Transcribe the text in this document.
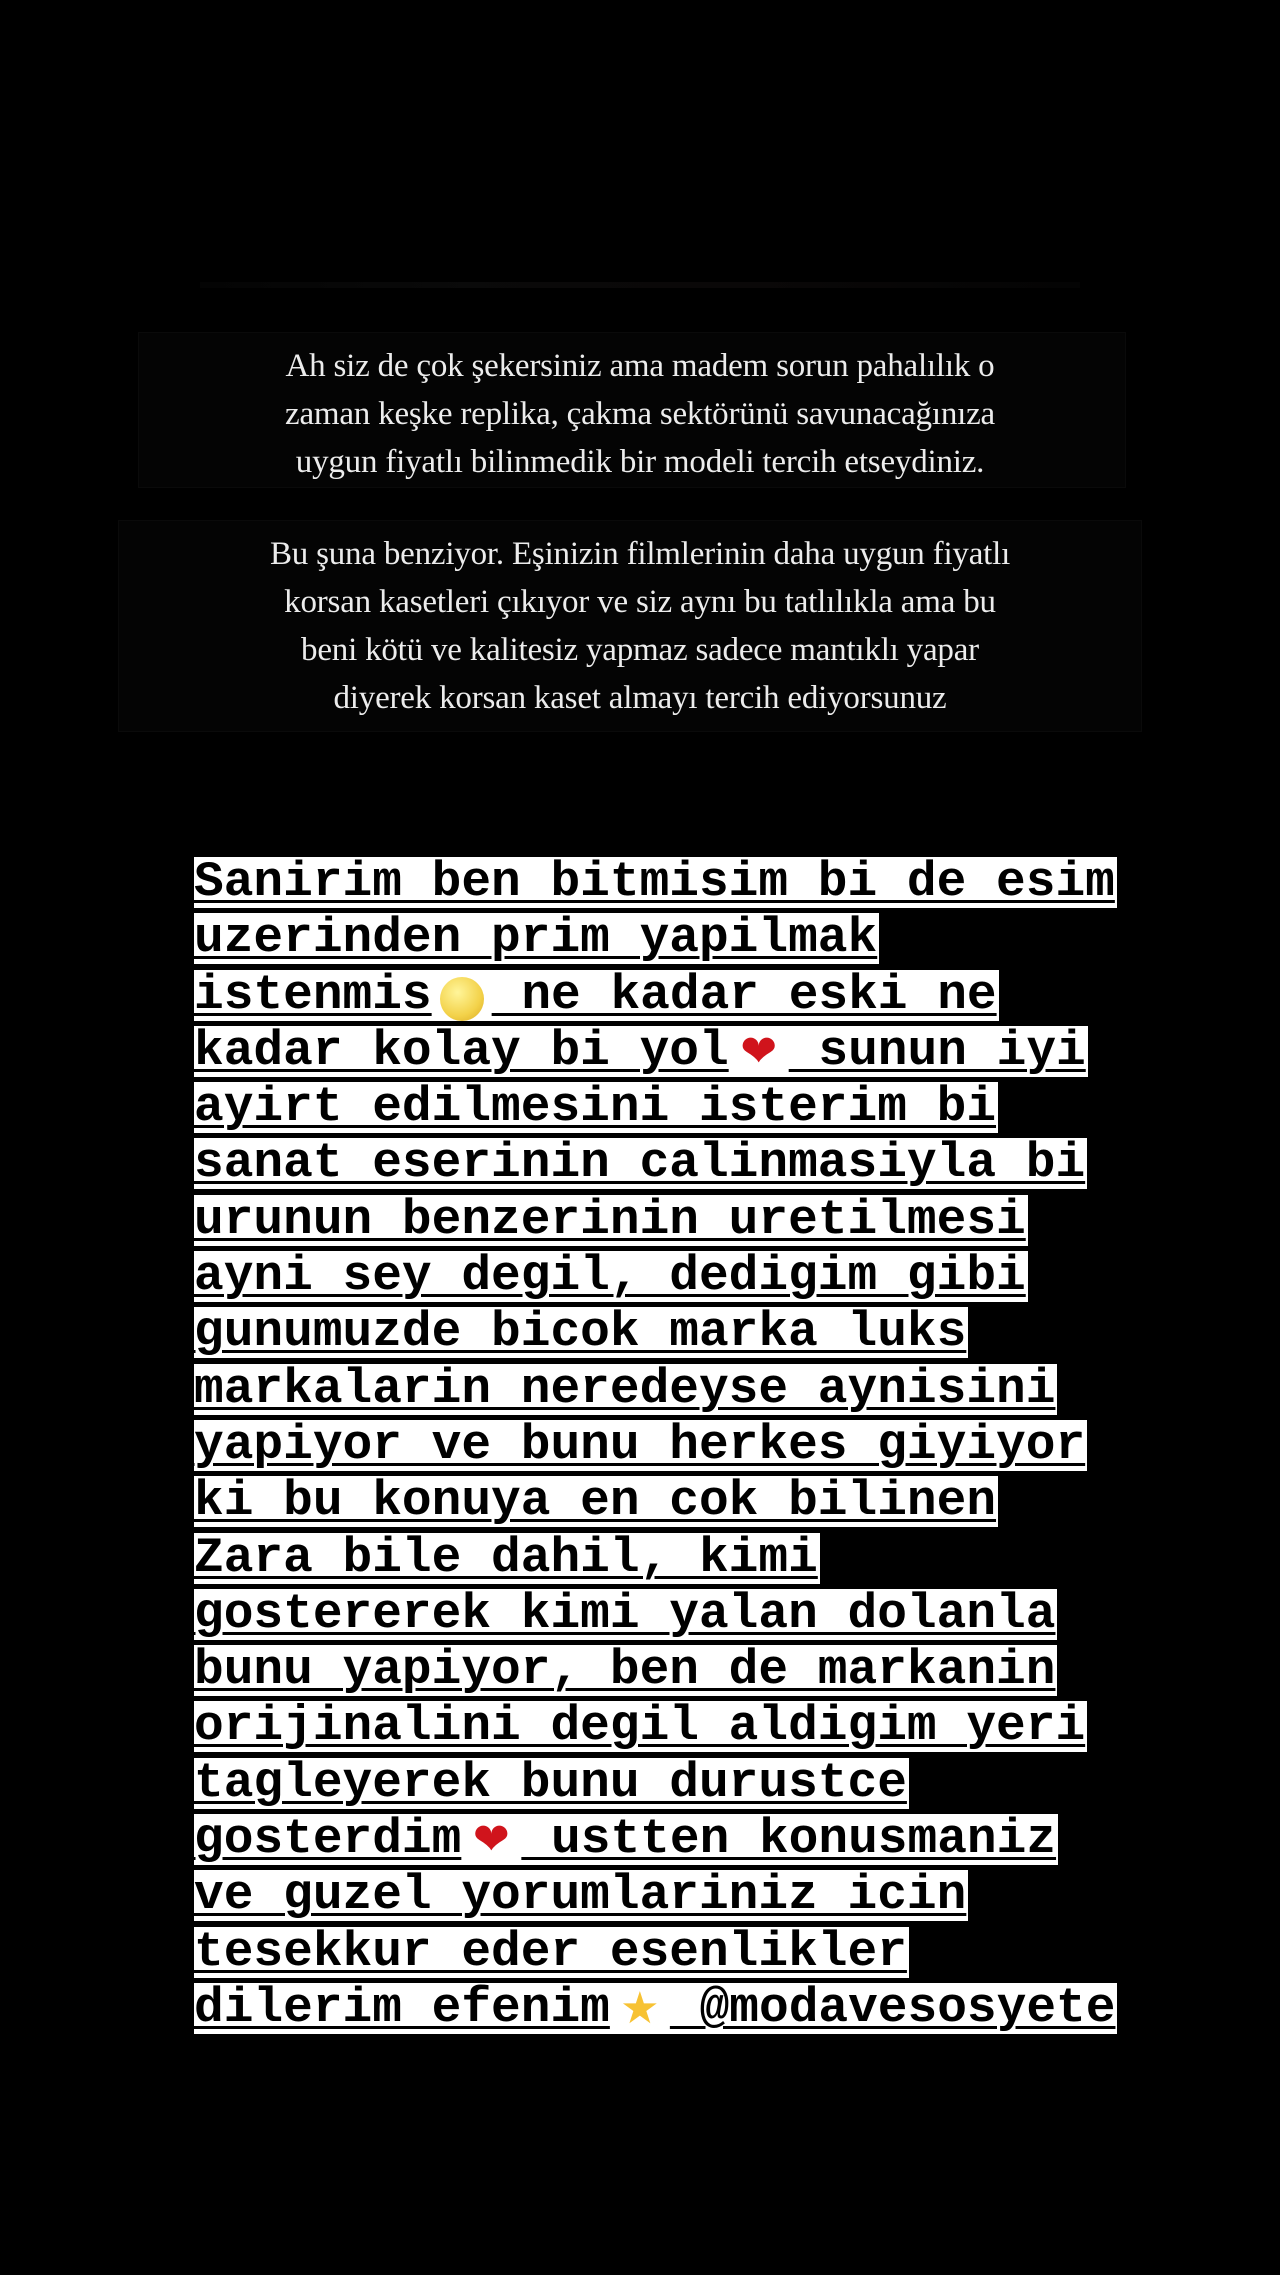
Ah siz de çok şekersiniz ama madem sorun pahalılık o
zaman keşke replika, çakma sektörünü savunacağınıza
uygun fiyatlı bilinmedik bir modeli tercih etseydiniz.
Bu şuna benziyor. Eşinizin filmlerinin daha uygun fiyatlı
korsan kasetleri çıkıyor ve siz aynı bu tatlılıkla ama bu
beni kötü ve kalitesiz yapmaz sadece mantıklı yapar
diyerek korsan kaset almayı tercih ediyorsunuz
Sanirim ben bitmisim bi de esim
uzerinden prim yapilmak
istenmis ne kadar eski ne
kadar kolay bi yol ❤ sunun iyi
ayirt edilmesini isterim bi
sanat eserinin calinmasiyla bi
urunun benzerinin uretilmesi
ayni sey degil, dedigim gibi
gunumuzde bicok marka luks
markalarin neredeyse aynisini
yapiyor ve bunu herkes giyiyor
ki bu konuya en cok bilinen
Zara bile dahil, kimi
gostererek kimi yalan dolanla
bunu yapiyor, ben de markanin
orijinalini degil aldigim yeri
tagleyerek bunu durustce
gosterdim ❤ ustten konusmaniz
ve guzel yorumlariniz icin
tesekkur eder esenlikler
dilerim efenim ★ @modavesosyete
